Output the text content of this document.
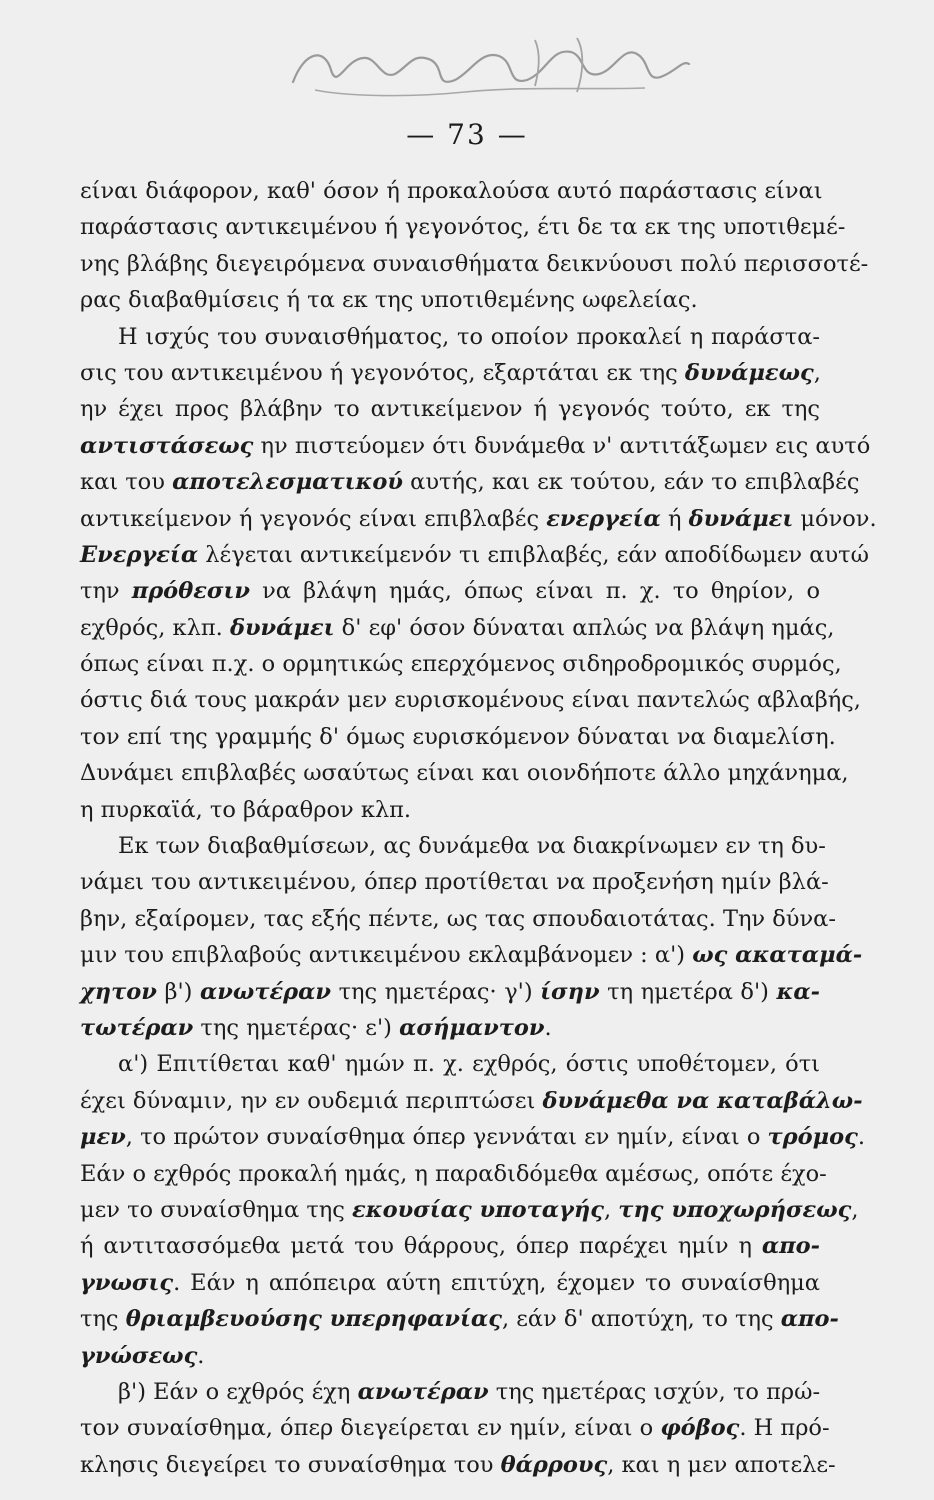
— 73 —
είναι διάφορον, καθ' όσον ή προκαλούσα αυτό παράστασις είναι
παράστασις αντικειμένου ή γεγονότος, έτι δε τα εκ της υποτιθεμέ-
νης βλάβης διεγειρόμενα συναισθήματα δεικνύουσι πολύ περισσοτέ-
ρας διαβαθμίσεις ή τα εκ της υποτιθεμένης ωφελείας.
Η ισχύς του συναισθήματος, το οποίον προκαλεί η παράστα-
σις του αντικειμένου ή γεγονότος, εξαρτάται εκ της δυνάμεως,
ην έχει προς βλάβην το αντικείμενον ή γεγονός τούτο, εκ της
αντιστάσεως ην πιστεύομεν ότι δυνάμεθα ν' αντιτάξωμεν εις αυτό
και του αποτελεσματικού αυτής, και εκ τούτου, εάν το επιβλαβές
αντικείμενον ή γεγονός είναι επιβλαβές ενεργεία ή δυνάμει μόνον.
Ενεργεία λέγεται αντικείμενόν τι επιβλαβές, εάν αποδίδωμεν αυτώ
την πρόθεσιν να βλάψη ημάς, όπως είναι π. χ. το θηρίον, ο
εχθρός, κλπ. δυνάμει δ' εφ' όσον δύναται απλώς να βλάψη ημάς,
όπως είναι π.χ. ο ορμητικώς επερχόμενος σιδηροδρομικός συρμός,
όστις διά τους μακράν μεν ευρισκομένους είναι παντελώς αβλαβής,
τον επί της γραμμής δ' όμως ευρισκόμενον δύναται να διαμελίση.
Δυνάμει επιβλαβές ωσαύτως είναι και οιονδήποτε άλλο μηχάνημα,
η πυρκαϊά, το βάραθρον κλπ.
Εκ των διαβαθμίσεων, ας δυνάμεθα να διακρίνωμεν εν τη δυ-
νάμει του αντικειμένου, όπερ προτίθεται να προξενήση ημίν βλά-
βην, εξαίρομεν, τας εξής πέντε, ως τας σπουδαιοτάτας. Την δύνα-
μιν του επιβλαβούς αντικειμένου εκλαμβάνομεν : α') ως ακαταμά-
χητον β') ανωτέραν της ημετέρας· γ') ίσην τη ημετέρα δ') κα-
τωτέραν της ημετέρας· ε') ασήμαντον.
α') Επιτίθεται καθ' ημών π. χ. εχθρός, όστις υποθέτομεν, ότι
έχει δύναμιν, ην εν ουδεμιά περιπτώσει δυνάμεθα να καταβάλω-
μεν, το πρώτον συναίσθημα όπερ γεννάται εν ημίν, είναι ο τρόμος.
Εάν ο εχθρός προκαλή ημάς, η παραδιδόμεθα αμέσως, οπότε έχο-
μεν το συναίσθημα της εκουσίας υποταγής, της υποχωρήσεως,
ή αντιτασσόμεθα μετά του θάρρους, όπερ παρέχει ημίν η απο-
γνωσις. Εάν η απόπειρα αύτη επιτύχη, έχομεν το συναίσθημα
της θριαμβευούσης υπερηφανίας, εάν δ' αποτύχη, το της απο-
γνώσεως.
β') Εάν ο εχθρός έχη ανωτέραν της ημετέρας ισχύν, το πρώ-
τον συναίσθημα, όπερ διεγείρεται εν ημίν, είναι ο φόβος. Η πρό-
κλησις διεγείρει το συναίσθημα του θάρρους, και η μεν αποτελε-
